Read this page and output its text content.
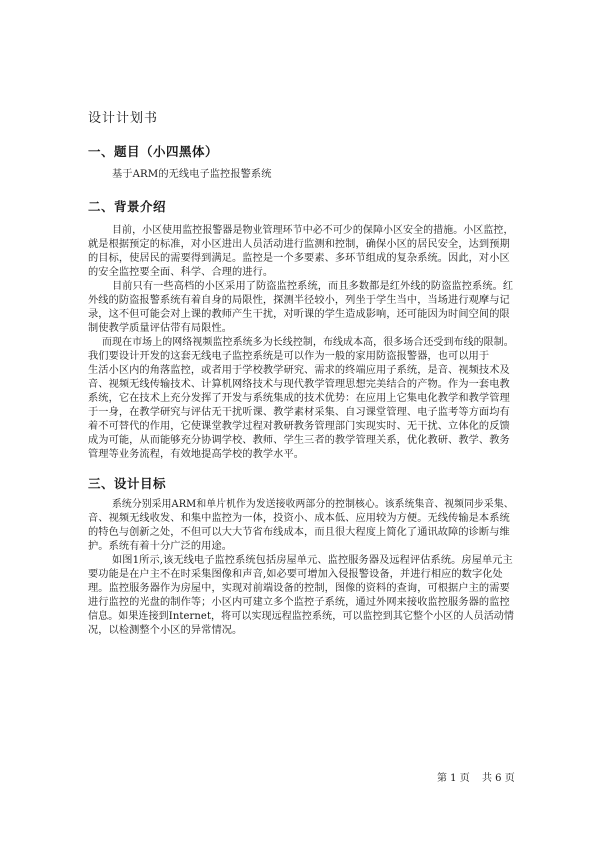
设计计划书
一、题目（小四黑体）
基于ARM的无线电子监控报警系统
二、背景介绍
目前，小区使用监控报警器是物业管理环节中必不可少的保障小区安全的措施。小区监控，
就是根据预定的标准，对小区进出人员活动进行监测和控制，确保小区的居民安全，达到预期
的目标，使居民的需要得到满足。监控是一个多要素、多环节组成的复杂系统。因此，对小区
的安全监控要全面、科学、合理的进行。
目前只有一些高档的小区采用了防盗监控系统，而且多数都是红外线的防盗监控系统。红
外线的防盗报警系统有着自身的局限性，探测半径较小，列坐于学生当中，当场进行观摩与记
录，这不但可能会对上课的教师产生干扰，对听课的学生造成影响，还可能因为时间空间的限
制使教学质量评估带有局限性。
而现在市场上的网络视频监控系统多为长线控制，布线成本高，很多场合还受到布线的限制。
我们要设计开发的这套无线电子监控系统是可以作为一般的家用防盗报警器，也可以用于
生活小区内的角落监控，或者用于学校教学研究、需求的终端应用子系统，是音、视频技术及
音、视频无线传输技术、计算机网络技术与现代教学管理思想完美结合的产物。作为一套电教
系统，它在技术上充分发挥了开发与系统集成的技术优势：在应用上它集电化教学和教学管理
于一身，在教学研究与评估无干扰听课、教学素材采集、自习课堂管理、电子监考等方面均有
着不可替代的作用，它使课堂教学过程对教研教务管理部门实现实时、无干扰、立体化的反馈
成为可能，从而能够充分协调学校、教师、学生三者的教学管理关系，优化教研、教学、教务
管理等业务流程，有效地提高学校的教学水平。
三、设计目标
系统分别采用ARM和单片机作为发送接收两部分的控制核心。该系统集音、视频同步采集、
音、视频无线收发、和集中监控为一体，投资小、成本低、应用较为方便。无线传输是本系统
的特色与创新之处，不但可以大大节省布线成本，而且很大程度上简化了通讯故障的诊断与维
护。系统有着十分广泛的用途。
如图1所示,该无线电子监控系统包括房屋单元、监控服务器及远程评估系统。房屋单元主
要功能是在户主不在时采集图像和声音,如必要可增加入侵报警设备，并进行相应的数字化处
理。监控服务器作为房屋中，实现对前端设备的控制，图像的资料的查询，可根据户主的需要
进行监控的光盘的制作等；小区内可建立多个监控子系统，通过外网来接收监控服务器的监控
信息。如果连接到Internet，将可以实现远程监控系统，可以监控到其它整个小区的人员活动情
况，以检测整个小区的异常情况。
第 1 页 共 6 页
